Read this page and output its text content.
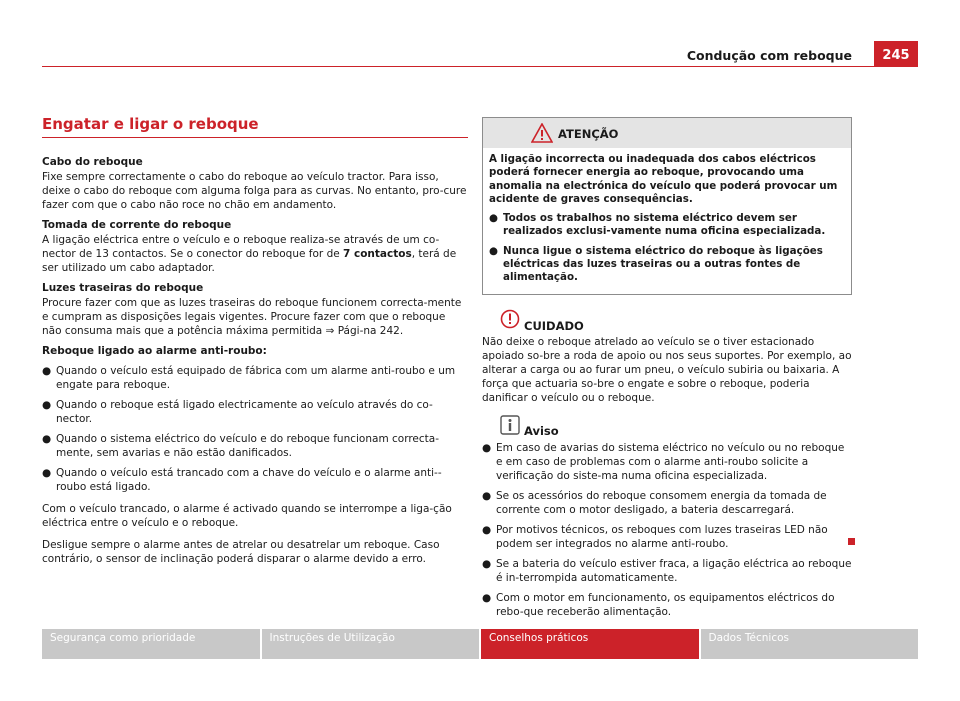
Condução com reboque	245
Engatar e ligar o reboque
Cabo do reboque

Fixe sempre correctamente o cabo do reboque ao veículo tractor. Para isso, deixe o cabo do reboque com alguma folga para as curvas. No entanto, pro-cure fazer com que o cabo não roce no chão em andamento.

Tomada de corrente do reboque

A ligação eléctrica entre o veículo e o reboque realiza-se através de um co-nector de 13 contactos. Se o conector do reboque for de 7 contactos, terá de ser utilizado um cabo adaptador.

Luzes traseiras do reboque

Procure fazer com que as luzes traseiras do reboque funcionem correcta-mente e cumpram as disposições legais vigentes. Procure fazer com que o reboque não consuma mais que a potência máxima permitida ⇒ Pági-na 242.

Reboque ligado ao alarme anti-roubo:
● Quando o veículo está equipado de fábrica com um alarme anti-roubo e um engate para reboque.
● Quando o reboque está ligado electricamente ao veículo através do co-nector.
● Quando o sistema eléctrico do veículo e do reboque funcionam correcta-mente, sem avarias e não estão danificados.
● Quando o veículo está trancado com a chave do veículo e o alarme anti--roubo está ligado.

Com o veículo trancado, o alarme é activado quando se interrompe a liga-ção eléctrica entre o veículo e o reboque.

Desligue sempre o alarme antes de atrelar ou desatrelar um reboque. Caso contrário, o sensor de inclinação poderá disparar o alarme devido a erro.

ATENÇÃO

A ligação incorrecta ou inadequada dos cabos eléctricos poderá fornecer energia ao reboque, provocando uma anomalia na electrónica do veículo que poderá provocar um acidente de graves consequências.

● Todos os trabalhos no sistema eléctrico devem ser realizados exclusi-vamente numa oficina especializada.
● Nunca ligue o sistema eléctrico do reboque às ligações eléctricas das luzes traseiras ou a outras fontes de alimentação.
CUIDADO

Não deixe o reboque atrelado ao veículo se o tiver estacionado apoiado so-bre a roda de apoio ou nos seus suportes. Por exemplo, ao alterar a carga ou ao furar um pneu, o veículo subiria ou baixaria. A força que actuaria so-bre o engate e sobre o reboque, poderia danificar o veículo ou o reboque.

Aviso
● Em caso de avarias do sistema eléctrico no veículo ou no reboque e em caso de problemas com o alarme anti-roubo solicite a verificação do siste-ma numa oficina especializada.
● Se os acessórios do reboque consomem energia da tomada de corrente com o motor desligado, a bateria descarregará.
● Por motivos técnicos, os reboques com luzes traseiras LED não podem ser integrados no alarme anti-roubo.
● Se a bateria do veículo estiver fraca, a ligação eléctrica ao reboque é in-terrompida automaticamente.
● Com o motor em funcionamento, os equipamentos eléctricos do rebo-que receberão alimentação.
Segurança como prioridade	Instruções de Utilização	Conselhos práticos	Dados Técnicos
